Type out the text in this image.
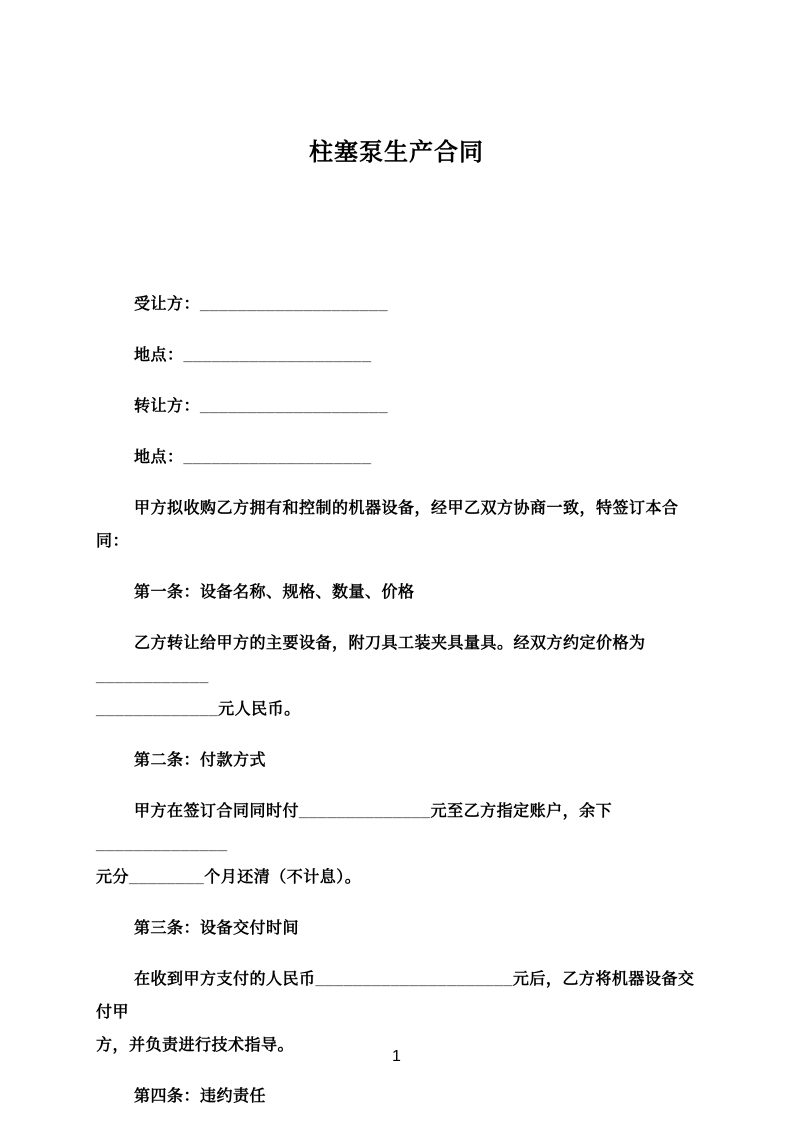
柱塞泵生产合同

受让方：____________________

地点：____________________

转让方：____________________

地点：____________________

甲方拟收购乙方拥有和控制的机器设备，经甲乙双方协商一致，特签订本合同：

第一条：设备名称、规格、数量、价格

乙方转让给甲方的主要设备，附刀具工装夹具量具。经双方约定价格为____________
_____________元人民币。

第二条：付款方式

甲方在签订合同同时付______________元至乙方指定账户，余下______________
元分________个月还清（不计息）。

第三条：设备交付时间

在收到甲方支付的人民币_____________________元后，乙方将机器设备交付甲
方，并负责进行技术指导。

第四条：违约责任

1
